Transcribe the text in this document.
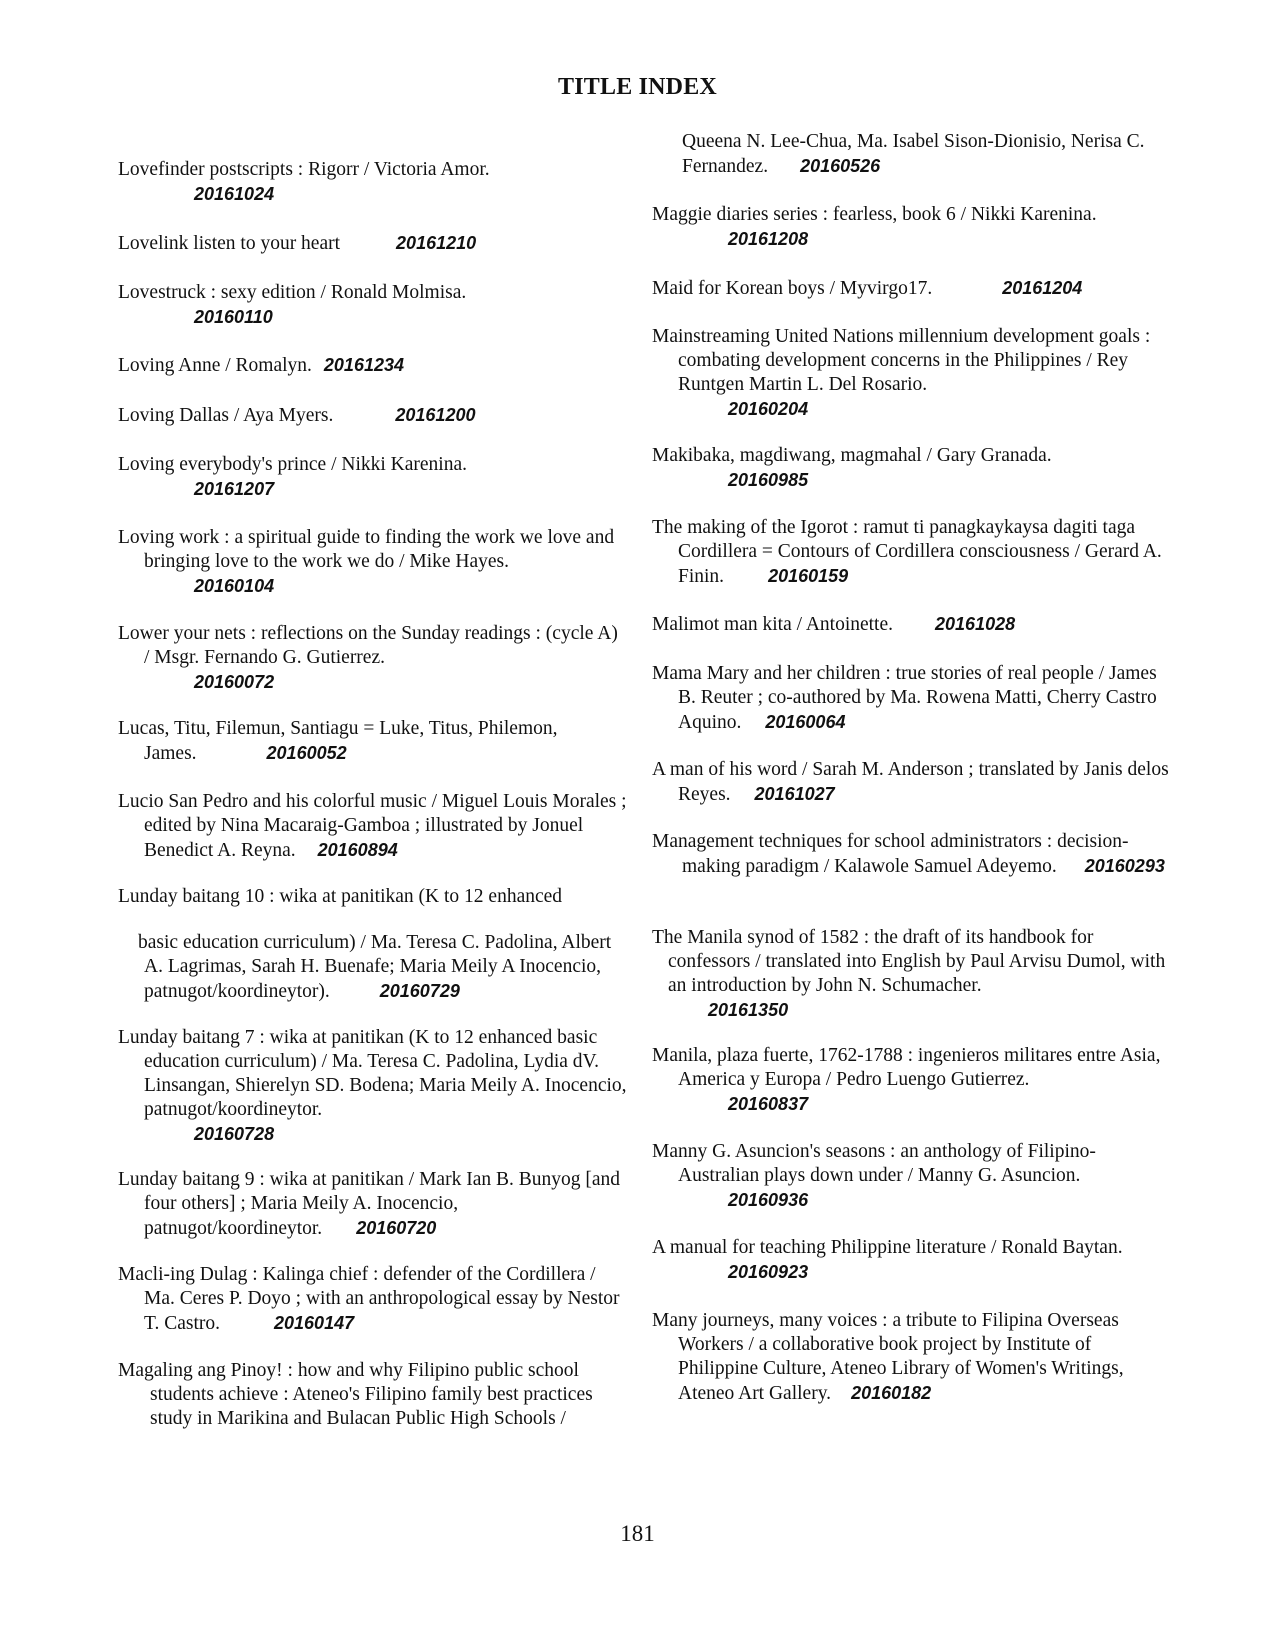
TITLE INDEX
Lovefinder postscripts : Rigorr / Victoria Amor.
20161024
Lovelink listen to your heart	20161210
Lovestruck : sexy edition / Ronald Molmisa.
20160110
Loving Anne / Romalyn. 20161234
Loving Dallas / Aya Myers.	20161200
Loving everybody's prince / Nikki Karenina.
20161207
Loving work : a spiritual guide to finding the work we love and bringing love to the work we do / Mike Hayes.
20160104
Lower your nets : reflections on the Sunday readings : (cycle A) / Msgr. Fernando G. Gutierrez.
20160072
Lucas, Titu, Filemun, Santiagu = Luke, Titus, Philemon, James.	20160052
Lucio San Pedro and his colorful music / Miguel Louis Morales ; edited by Nina Macaraig-Gamboa ; illustrated by Jonuel Benedict A. Reyna. 20160894
Lunday baitang 10 : wika at panitikan (K to 12 enhanced
basic education curriculum) / Ma. Teresa C. Padolina, Albert A. Lagrimas, Sarah H. Buenafe; Maria Meily A Inocencio, patnugot/koordineytor).	20160729
Lunday baitang 7 : wika at panitikan (K to 12 enhanced basic education curriculum) / Ma. Teresa C. Padolina, Lydia dV. Linsangan, Shierelyn SD. Bodena; Maria Meily A. Inocencio, patnugot/koordineytor.
20160728
Lunday baitang 9 : wika at panitikan / Mark Ian B. Bunyog [and four others] ; Maria Meily A. Inocencio, patnugot/koordineytor. 20160720
Macli-ing Dulag : Kalinga chief : defender of the Cordillera / Ma. Ceres P. Doyo ; with an anthropological essay by Nestor T. Castro.	20160147
Magaling ang Pinoy! : how and why Filipino public school students achieve : Ateneo's Filipino family best practices study in Marikina and Bulacan Public High Schools /
Queena N. Lee-Chua, Ma. Isabel Sison-Dionisio, Nerisa C. Fernandez. 20160526
Maggie diaries series : fearless, book 6 / Nikki Karenina.
20161208
Maid for Korean boys / Myvirgo17.	20161204
Mainstreaming United Nations millennium development goals : combating development concerns in the Philippines / Rey Runtgen Martin L. Del Rosario.
20160204
Makibaka, magdiwang, magmahal / Gary Granada.
20160985
The making of the Igorot : ramut ti panagkaykaysa dagiti taga Cordillera = Contours of Cordillera consciousness / Gerard A. Finin. 20160159
Malimot man kita / Antoinette. 20161028
Mama Mary and her children : true stories of real people / James B. Reuter ; co-authored by Ma. Rowena Matti, Cherry Castro Aquino. 20160064
A man of his word / Sarah M. Anderson ; translated by Janis delos Reyes. 20161027
Management techniques for school administrators : decision-making paradigm / Kalawole Samuel Adeyemo. 20160293
The Manila synod of 1582 : the draft of its handbook for confessors / translated into English by Paul Arvisu Dumol, with an introduction by John N. Schumacher.
20161350
Manila, plaza fuerte, 1762-1788 : ingenieros militares entre Asia, America y Europa / Pedro Luengo Gutierrez.
20160837
Manny G. Asuncion's seasons : an anthology of Filipino-Australian plays down under / Manny G. Asuncion.
20160936
A manual for teaching Philippine literature / Ronald Baytan.
20160923
Many journeys, many voices : a tribute to Filipina Overseas Workers / a collaborative book project by Institute of Philippine Culture, Ateneo Library of Women's Writings, Ateneo Art Gallery. 20160182
181
